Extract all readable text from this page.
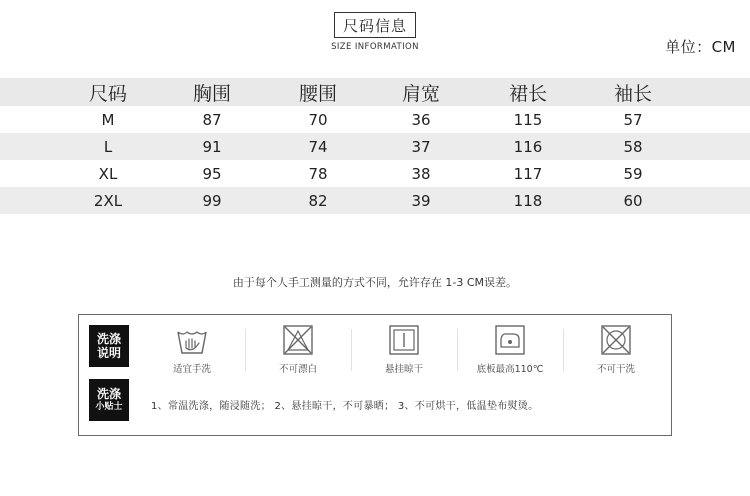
尺码信息
SIZE INFORMATION	单位：CM
尺码	胸围	腰围	肩宽	裙长	袖长
M	87	70	36	115	57
L	91	74	37	116	58
XL	95	78	38	117	59
2XL	99	82	39	118	60
由于每个人手工测量的方式不同，允许存在 1-3 CM误差。
洗涤
说明
洗涤
小贴士
适宜手洗	不可漂白	悬挂晾干	底板最高110℃	不可干洗
1、常温洗涤，随浸随洗； 2、悬挂晾干，不可暴晒； 3、不可烘干，低温垫布熨烫。
